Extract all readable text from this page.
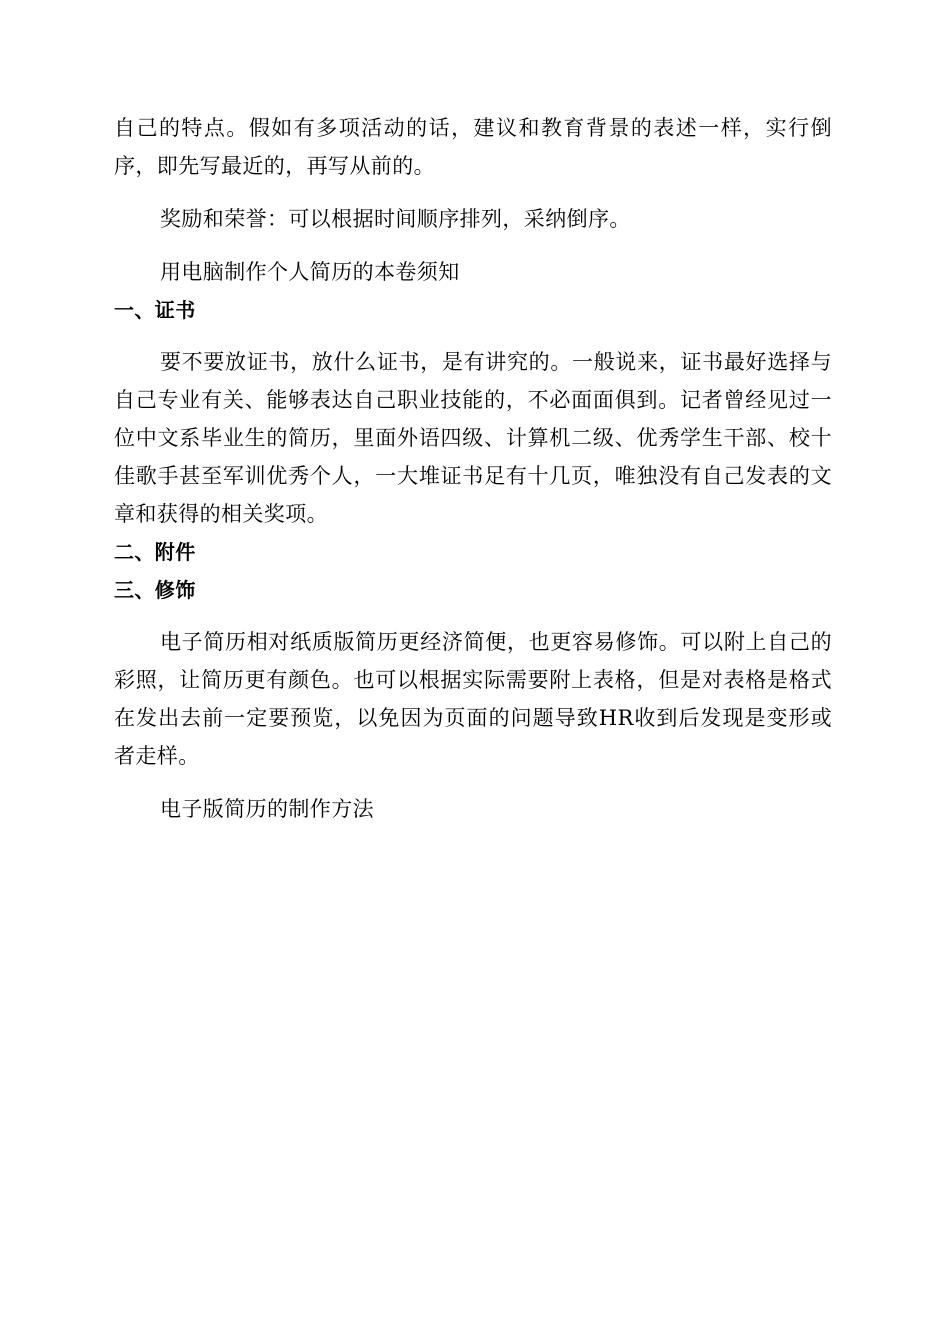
自己的特点。假如有多项活动的话，建议和教育背景的表述一样，实行倒序，即先写最近的，再写从前的。

奖励和荣誉：可以根据时间顺序排列，采纳倒序。

用电脑制作个人简历的本卷须知

一、证书

要不要放证书，放什么证书，是有讲究的。一般说来，证书最好选择与自己专业有关、能够表达自己职业技能的，不必面面俱到。记者曾经见过一位中文系毕业生的简历，里面外语四级、计算机二级、优秀学生干部、校十佳歌手甚至军训优秀个人，一大堆证书足有十几页，唯独没有自己发表的文章和获得的相关奖项。

二、附件
三、修饰

电子简历相对纸质版简历更经济简便，也更容易修饰。可以附上自己的彩照，让简历更有颜色。也可以根据实际需要附上表格，但是对表格是格式在发出去前一定要预览，以免因为页面的问题导致HR收到后发现是变形或者走样。

电子版简历的制作方法
